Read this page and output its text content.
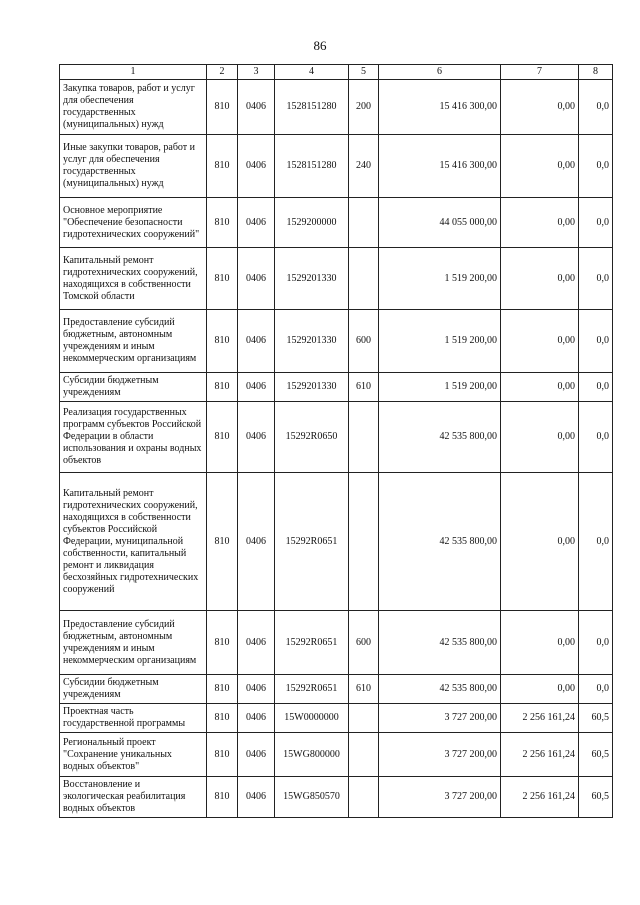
86
1	2	3	4	5	6	7	8
Закупка товаров, работ и услуг для обеспечения государственных (муниципальных) нужд	810	0406	1528151280	200	15 416 300,00	0,00	0,0
Иные закупки товаров, работ и услуг для обеспечения государственных (муниципальных) нужд	810	0406	1528151280	240	15 416 300,00	0,00	0,0
Основное мероприятие "Обеспечение безопасности гидротехнических сооружений"	810	0406	1529200000		44 055 000,00	0,00	0,0
Капитальный ремонт гидротехнических сооружений, находящихся в собственности Томской области	810	0406	1529201330		1 519 200,00	0,00	0,0
Предоставление субсидий бюджетным, автономным учреждениям и иным некоммерческим организациям	810	0406	1529201330	600	1 519 200,00	0,00	0,0
Субсидии бюджетным учреждениям	810	0406	1529201330	610	1 519 200,00	0,00	0,0
Реализация государственных программ субъектов Российской Федерации в области использования и охраны водных объектов	810	0406	15292R0650		42 535 800,00	0,00	0,0
Капитальный ремонт гидротехнических сооружений, находящихся в собственности субъектов Российской Федерации, муниципальной собственности, капитальный ремонт и ликвидация бесхозяйных гидротехнических сооружений	810	0406	15292R0651		42 535 800,00	0,00	0,0
Предоставление субсидий бюджетным, автономным учреждениям и иным некоммерческим организациям	810	0406	15292R0651	600	42 535 800,00	0,00	0,0
Субсидии бюджетным учреждениям	810	0406	15292R0651	610	42 535 800,00	0,00	0,0
Проектная часть государственной программы	810	0406	15W0000000		3 727 200,00	2 256 161,24	60,5
Региональный проект "Сохранение уникальных водных объектов"	810	0406	15WG800000		3 727 200,00	2 256 161,24	60,5
Восстановление и экологическая реабилитация водных объектов	810	0406	15WG850570		3 727 200,00	2 256 161,24	60,5
